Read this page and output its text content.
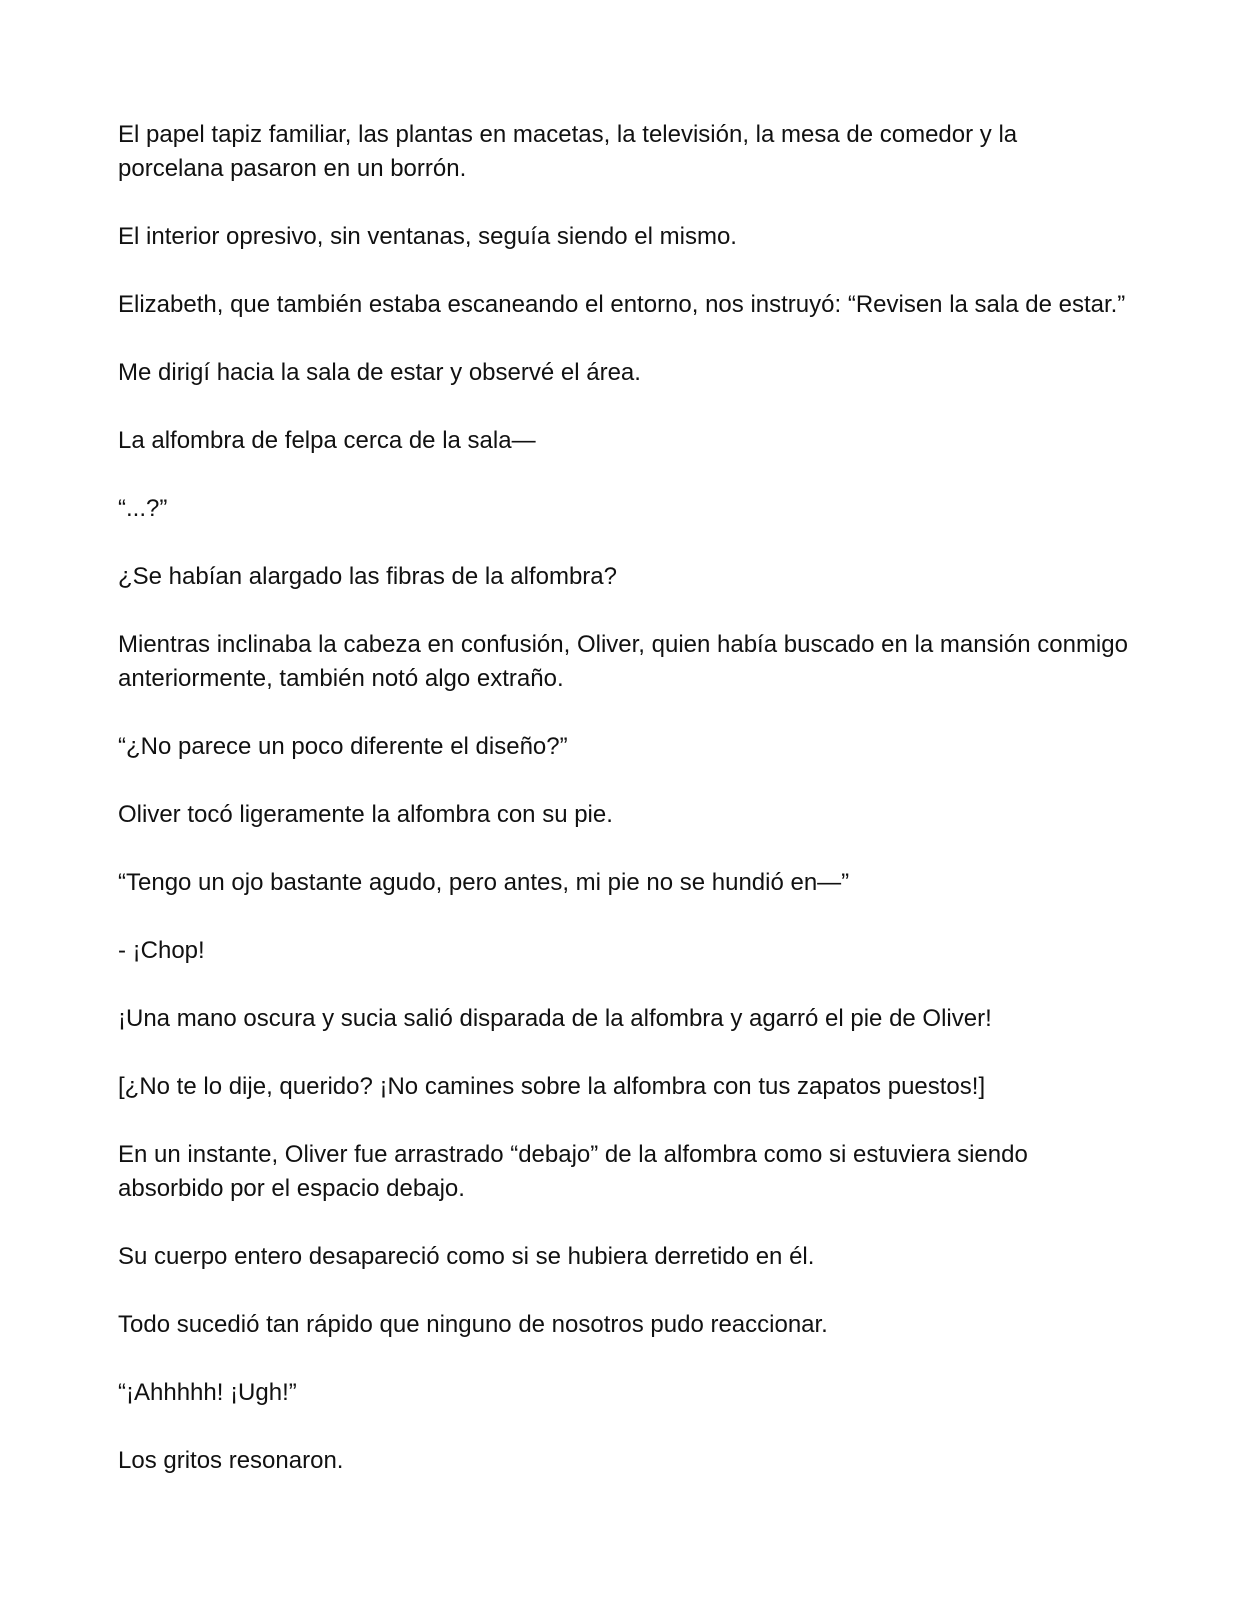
El papel tapiz familiar, las plantas en macetas, la televisión, la mesa de comedor y la porcelana pasaron en un borrón.

El interior opresivo, sin ventanas, seguía siendo el mismo.

Elizabeth, que también estaba escaneando el entorno, nos instruyó: “Revisen la sala de estar.”

Me dirigí hacia la sala de estar y observé el área.

La alfombra de felpa cerca de la sala—

“...?”

¿Se habían alargado las fibras de la alfombra?

Mientras inclinaba la cabeza en confusión, Oliver, quien había buscado en la mansión conmigo anteriormente, también notó algo extraño.

“¿No parece un poco diferente el diseño?”

Oliver tocó ligeramente la alfombra con su pie.

“Tengo un ojo bastante agudo, pero antes, mi pie no se hundió en—”

- ¡Chop!

¡Una mano oscura y sucia salió disparada de la alfombra y agarró el pie de Oliver!

[¿No te lo dije, querido? ¡No camines sobre la alfombra con tus zapatos puestos!]

En un instante, Oliver fue arrastrado “debajo” de la alfombra como si estuviera siendo absorbido por el espacio debajo.

Su cuerpo entero desapareció como si se hubiera derretido en él.

Todo sucedió tan rápido que ninguno de nosotros pudo reaccionar.

“¡Ahhhhh! ¡Ugh!”

Los gritos resonaron.
